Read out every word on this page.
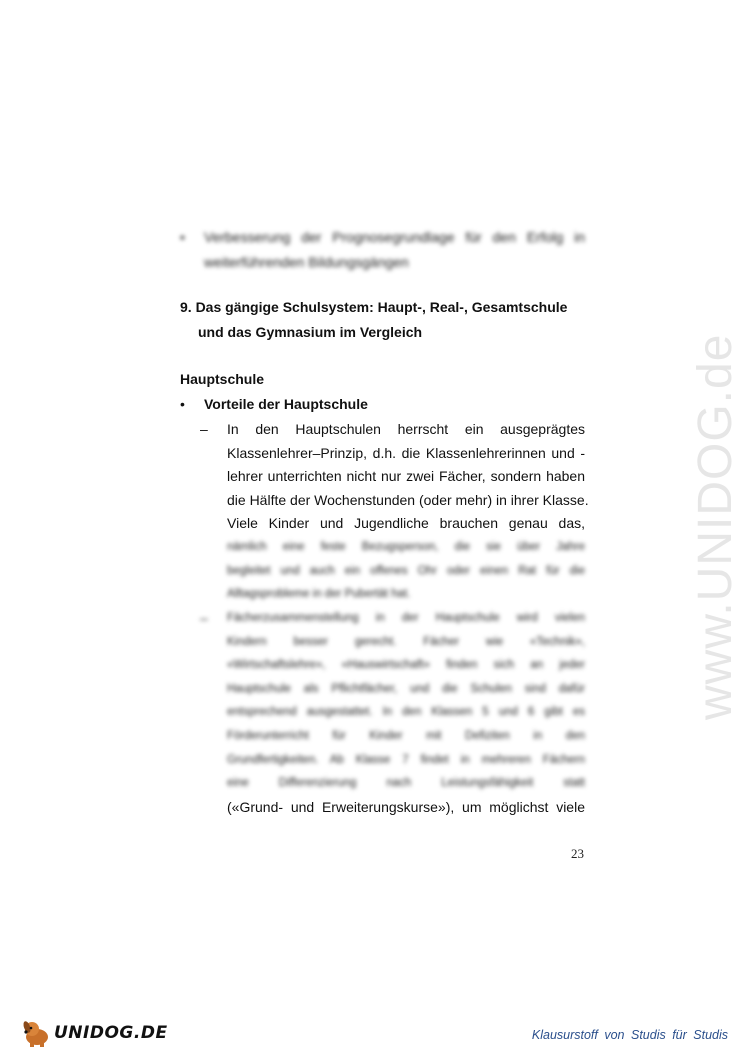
www.UNIDOG.de
• Verbesserung der Prognosegrundlage für den Erfolg in
weiterführenden Bildungsgängen
9. Das gängige Schulsystem: Haupt-, Real-, Gesamtschule
und das Gymnasium im Vergleich
Hauptschule
• Vorteile der Hauptschule
– In den Hauptschulen herrscht ein ausgeprägtes
Klassenlehrer–Prinzip, d.h. die Klassenlehrerinnen und -
lehrer unterrichten nicht nur zwei Fächer, sondern haben
die Hälfte der Wochenstunden (oder mehr) in ihrer Klasse.
Viele Kinder und Jugendliche brauchen genau das,
nämlich eine feste Bezugsperson, die sie über Jahre
begleitet und auch ein offenes Ohr oder einen Rat für die
Alltagsprobleme in der Pubertät hat.
– Fächerzusammenstellung in der Hauptschule wird vielen
Kindern besser gerecht. Fächer wie «Technik»,
«Wirtschaftslehre», «Hauswirtschaft» finden sich an jeder
Hauptschule als Pflichtfächer, und die Schulen sind dafür
entsprechend ausgestattet. In den Klassen 5 und 6 gibt es
Förderunterricht für Kinder mit Defiziten in den
Grundfertigkeiten. Ab Klasse 7 findet in mehreren Fächern
eine Differenzierung nach Leistungsfähigkeit statt
(«Grund- und Erweiterungskurse»), um möglichst viele
23
UNIDOG.DE	Klausurstoff von Studis für Studis
